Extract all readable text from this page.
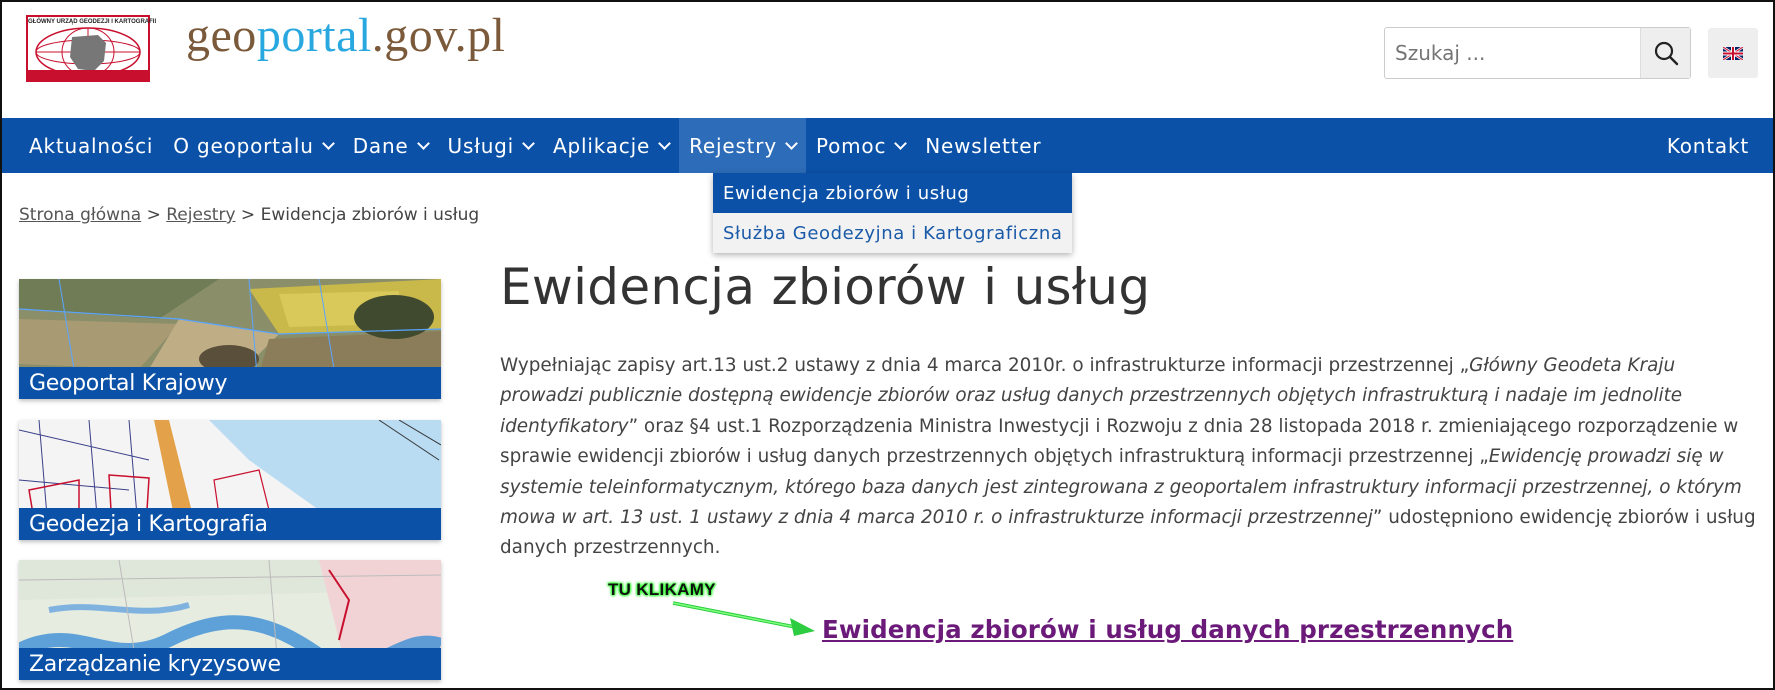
GŁÓWNY URZĄD GEODEZJI I KARTOGRAFII geoportal.gov.pl
Szukaj ...
Aktualności O geoportalu Dane Usługi Aplikacje Rejestry Pomoc Newsletter	Kontakt
Ewidencja zbiorów i usług
Służba Geodezyjna i Kartograficzna
Strona główna > Rejestry > Ewidencja zbiorów i usług
Geoportal Krajowy
Geodezja i Kartografia
Zarządzanie kryzysowe
Ewidencja zbiorów i usług

Wypełniając zapisy art.13 ust.2 ustawy z dnia 4 marca 2010r. o infrastrukturze informacji przestrzennej „Główny Geodeta Kraju prowadzi publicznie dostępną ewidencje zbiorów oraz usług danych przestrzennych objętych infrastrukturą i nadaje im jednolite identyfikatory” oraz §4 ust.1 Rozporządzenia Ministra Inwestycji i Rozwoju z dnia 28 listopada 2018 r. zmieniającego rozporządzenie w sprawie ewidencji zbiorów i usług danych przestrzennych objętych infrastrukturą informacji przestrzennej „Ewidencję prowadzi się w systemie teleinformatycznym, którego baza danych jest zintegrowana z geoportalem infrastruktury informacji przestrzennej, o którym mowa w art. 13 ust. 1 ustawy z dnia 4 marca 2010 r. o infrastrukturze informacji przestrzennej” udostępniono ewidencję zbiorów i usług danych przestrzennych.

TU KLIKAMY
Ewidencja zbiorów i usług danych przestrzennych
